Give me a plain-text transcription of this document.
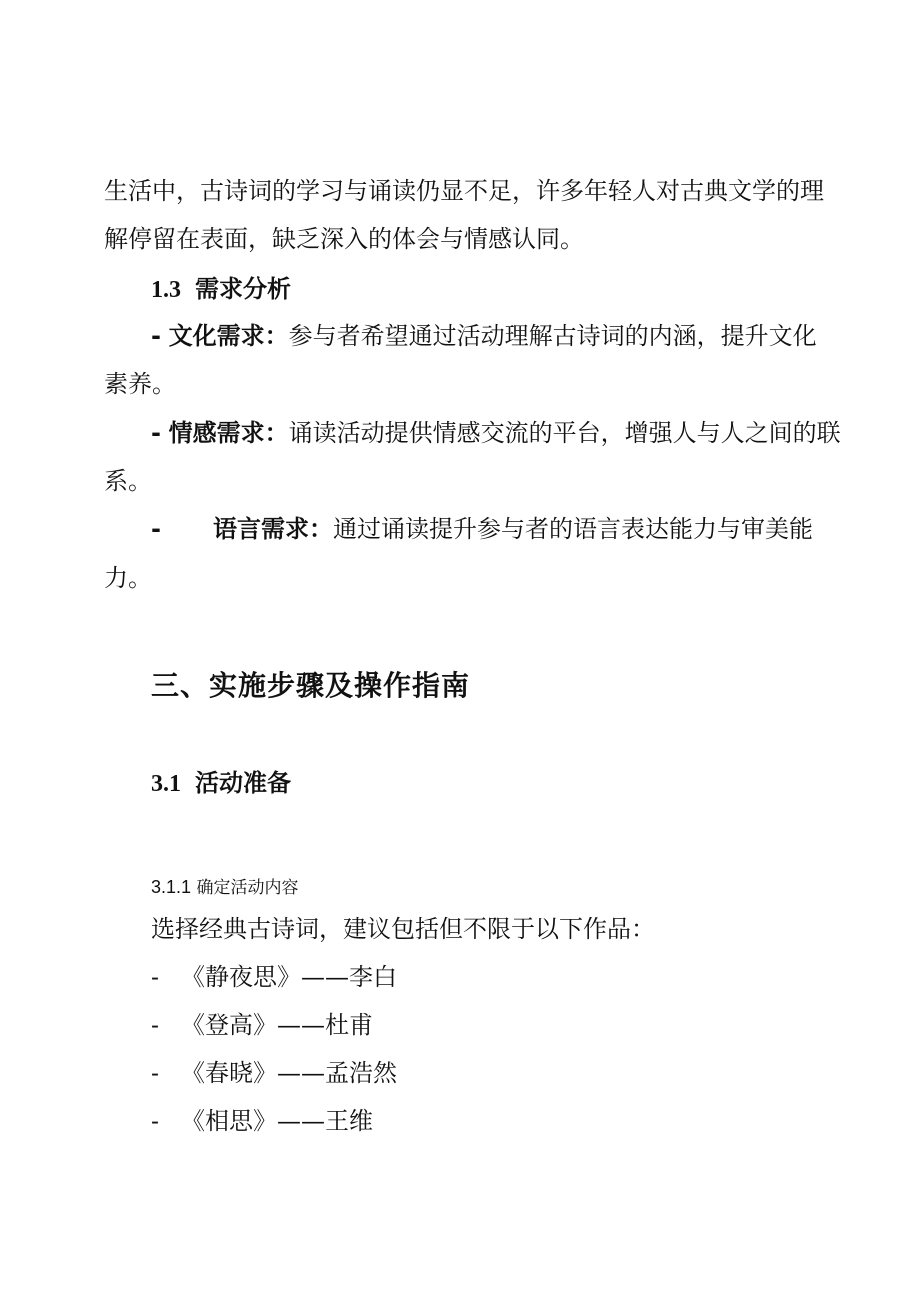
生活中，古诗词的学习与诵读仍显不足，许多年轻人对古典文学的理
解停留在表面，缺乏深入的体会与情感认同。
1.3 需求分析
- 文化需求：参与者希望通过活动理解古诗词的内涵，提升文化
素养。
- 情感需求：诵读活动提供情感交流的平台，增强人与人之间的联
系。
- 语言需求：通过诵读提升参与者的语言表达能力与审美能
力。
三、实施步骤及操作指南
3.1 活动准备
3.1.1 确定活动内容
选择经典古诗词，建议包括但不限于以下作品：
- 《静夜思》——李白
- 《登高》——杜甫
- 《春晓》——孟浩然
- 《相思》——王维
